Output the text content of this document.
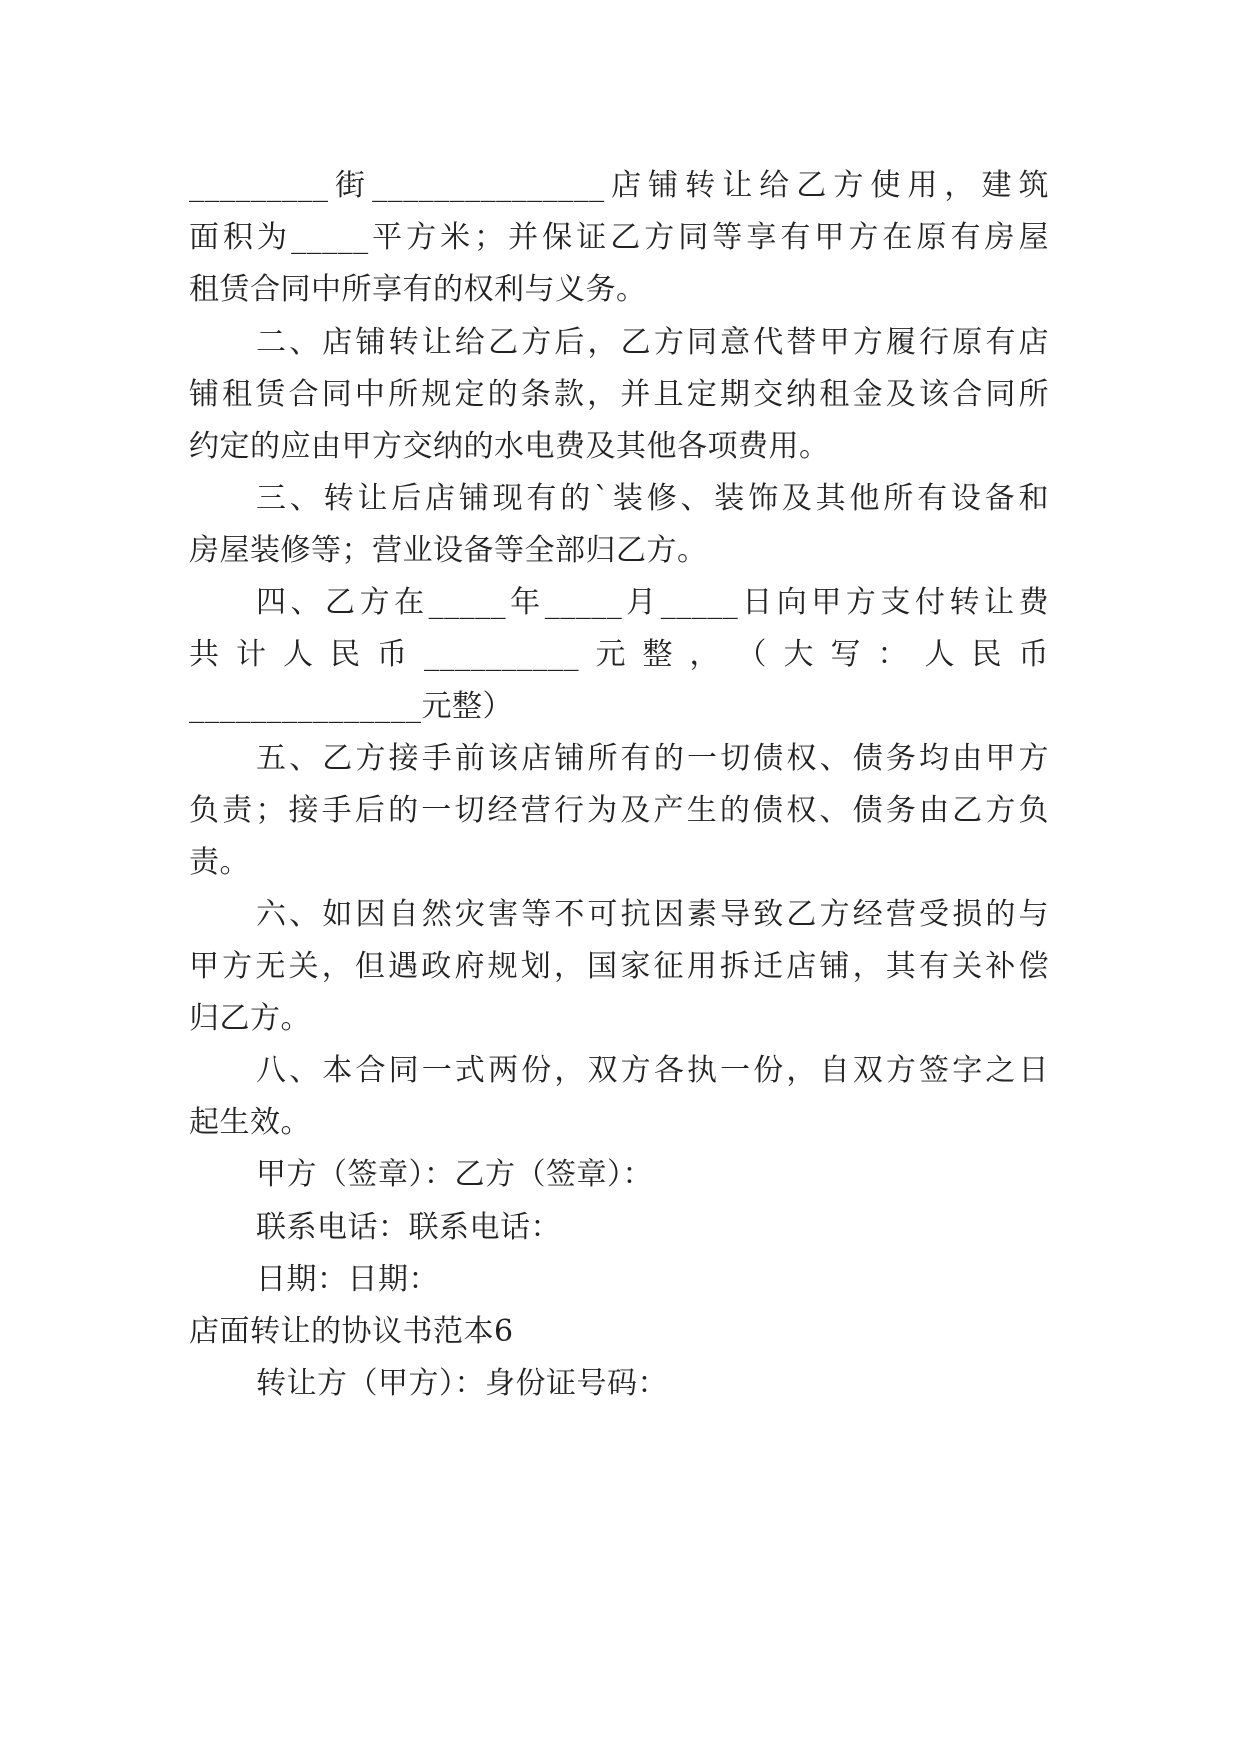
_________街_______________店铺转让给乙方使用，建筑
面积为_____平方米；并保证乙方同等享有甲方在原有房屋
租赁合同中所享有的权利与义务。
二、店铺转让给乙方后，乙方同意代替甲方履行原有店
铺租赁合同中所规定的条款，并且定期交纳租金及该合同所
约定的应由甲方交纳的水电费及其他各项费用。
三、转让后店铺现有的`装修、装饰及其他所有设备和
房屋装修等；营业设备等全部归乙方。
四、乙方在_____年_____月_____日向甲方支付转让费
共 计 人 民 币 __________ 元 整 ， （ 大 写 ： 人 民 币
_______________元整）
五、乙方接手前该店铺所有的一切债权、债务均由甲方
负责；接手后的一切经营行为及产生的债权、债务由乙方负
责。
六、如因自然灾害等不可抗因素导致乙方经营受损的与
甲方无关，但遇政府规划，国家征用拆迁店铺，其有关补偿
归乙方。
八、本合同一式两份，双方各执一份，自双方签字之日
起生效。
甲方（签章）：乙方（签章）：
联系电话：联系电话：
日期：日期：
店面转让的协议书范本6
转让方（甲方）：身份证号码：
